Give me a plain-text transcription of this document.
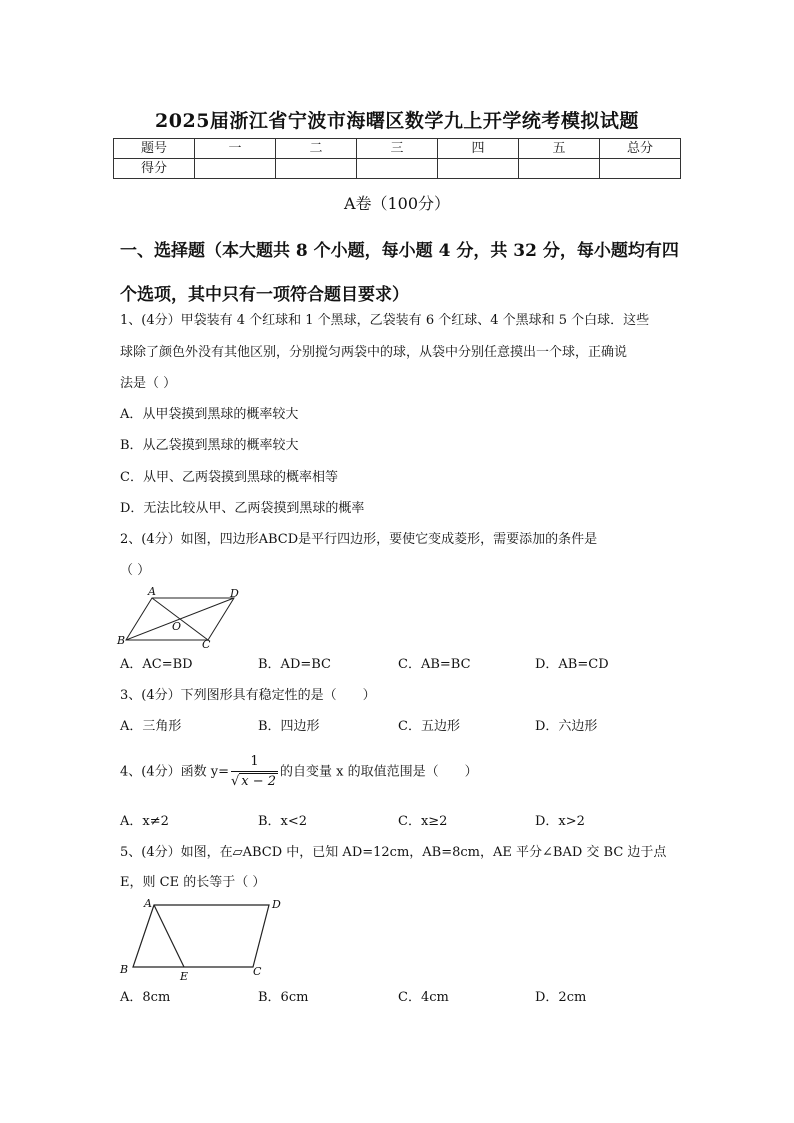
2025届浙江省宁波市海曙区数学九上开学统考模拟试题
题号	一	二	三	四	五	总分
得分						
A卷（100分）
一、选择题（本大题共 8 个小题，每小题 4 分，共 32 分，每小题均有四个选项，其中只有一项符合题目要求）
1、(4分）甲袋装有 4 个红球和 1 个黑球，乙袋装有 6 个红球、4 个黑球和 5 个白球．这些
球除了颜色外没有其他区别，分别搅匀两袋中的球，从袋中分别任意摸出一个球，正确说
法是（ ）
A．从甲袋摸到黑球的概率较大
B．从乙袋摸到黑球的概率较大
C．从甲、乙两袋摸到黑球的概率相等
D．无法比较从甲、乙两袋摸到黑球的概率
2、(4分）如图，四边形ABCD是平行四边形，要使它变成菱形，需要添加的条件是
（ ）
A	D
O
B	C
A．AC=BD	B．AD=BC	C．AB=BC	D．AB=CD
3、(4分）下列图形具有稳定性的是（　　）
A．三角形	B．四边形	C．五边形	D．六边形
4、(4分）函数 $y= \frac{1}{√ x - 2}$ 的自变量 x 的取值范围是（　　）
A．x≠2	B．x<2	C．x≥2	D．x>2
5、(4分）如图，在▱ABCD 中，已知 AD=12cm，AB=8cm，AE 平分∠BAD 交 BC 边于点
E，则 CE 的长等于（ ）
A	D
B
E	C
A．8cm	B．6cm	C．4cm	D．2cm
